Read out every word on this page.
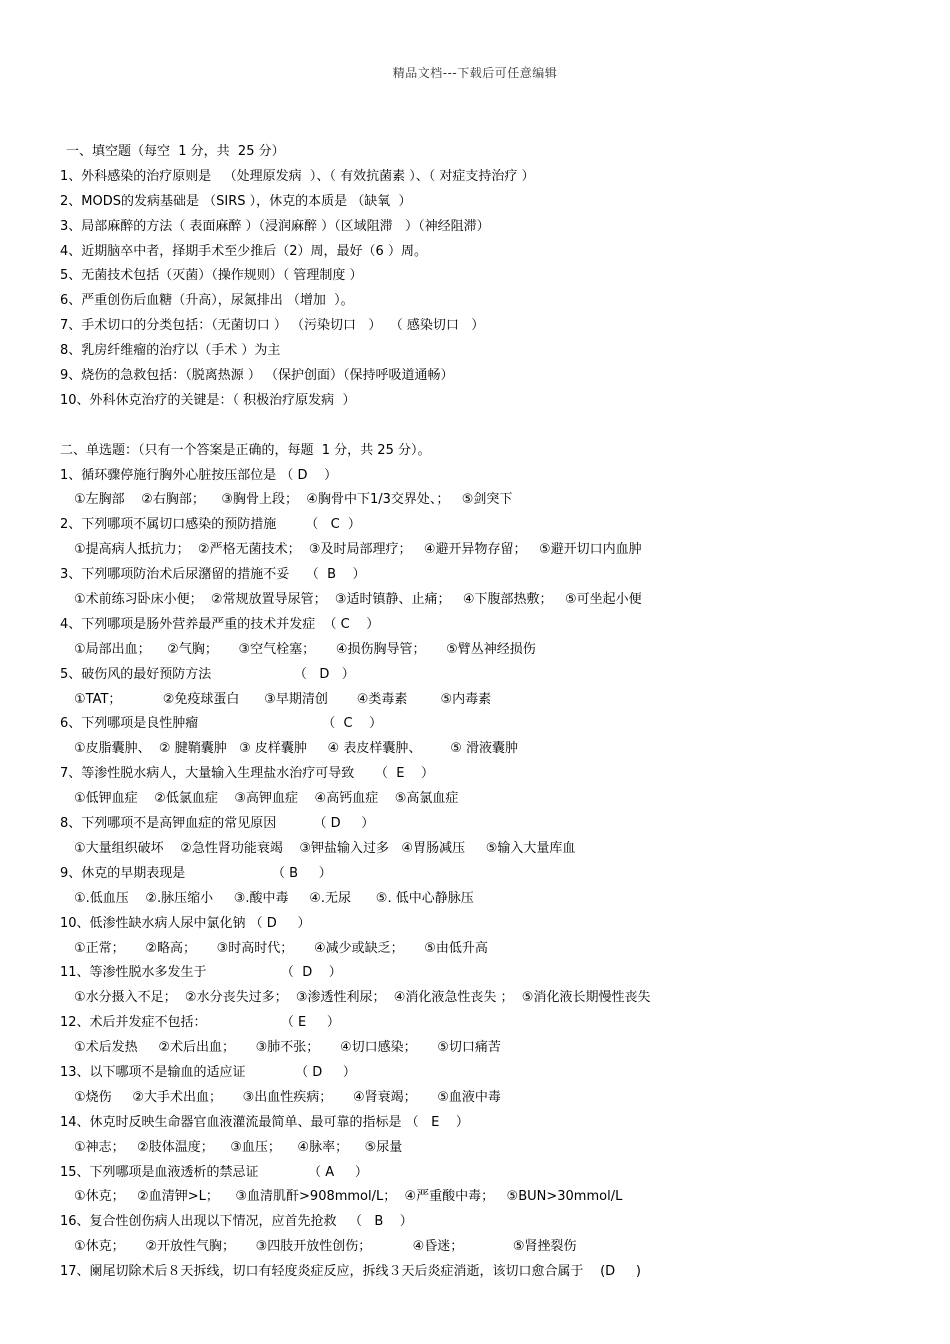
精品文档---下载后可任意编辑
一、填空题（每空  1 分，共  25 分）
1、外科感染的治疗原则是   （处理原发病  ）、（ 有效抗菌素 ）、（ 对症支持治疗 ）
2、MODS的发病基础是 （SIRS ），休克的本质是 （缺氧  ）
3、局部麻醉的方法（ 表面麻醉 ）（浸润麻醉 ）（区域阻滞   ）（神经阻滞）
4、近期脑卒中者，择期手术至少推后（2）周，最好（6 ）周。
5、无菌技术包括（灭菌）（操作规则）（ 管理制度 ）
6、严重创伤后血糖（升高），尿氮排出 （增加  ）。
7、手术切口的分类包括：（无菌切口 ） （污染切口   ）  （ 感染切口   ）
8、乳房纤维瘤的治疗以（手术 ）为主
9、烧伤的急救包括：（脱离热源 ） （保护创面）（保持呼吸道通畅）
10、外科休克治疗的关键是：（ 积极治疗原发病  ）
二、单选题：（只有一个答案是正确的，每题  1 分，共 25 分）。
1、循环骤停施行胸外心脏按压部位是 （ D    ）
①左胸部    ②右胸部；    ③胸骨上段；  ④胸骨中下1/3交界处、；   ⑤剑突下
2、下列哪项不属切口感染的预防措施       （   C  ）
①提高病人抵抗力；  ②严格无菌技术；  ③及时局部理疗；   ④避开异物存留；   ⑤避开切口内血肿
3、下列哪项防治术后尿潴留的措施不妥    （  B    ）
①术前练习卧床小便；  ②常规放置导尿管；  ③适时镇静、止痛；   ④下腹部热敷；   ⑤可坐起小便
4、下列哪项是肠外营养最严重的技术并发症  （ C    ）
①局部出血；    ②气胸；     ③空气栓塞；     ④损伤胸导管；     ⑤臂丛神经损伤
5、破伤风的最好预防方法                    （   D   ）
①TAT；          ②免疫球蛋白      ③早期清创       ④类毒素        ⑤内毒素
6、下列哪项是良性肿瘤                              （  C    ）
①皮脂囊肿、  ② 腱鞘囊肿   ③ 皮样囊肿     ④ 表皮样囊肿、       ⑤ 滑液囊肿
7、等渗性脱水病人，大量输入生理盐水治疗可导致     （  E    ）
①低钾血症    ②低氯血症    ③高钾血症    ④高钙血症    ⑤高氯血症
8、下列哪项不是高钾血症的常见原因         （ D     ）
①大量组织破坏    ②急性肾功能衰竭    ③钾盐输入过多   ④胃肠减压     ⑤输入大量库血
9、休克的早期表现是                     （ B     ）
①.低血压    ②.脉压缩小     ③.酸中毒     ④.无尿      ⑤. 低中心静脉压
10、低渗性缺水病人尿中氯化钠 （ D     ）
①正常；     ②略高；     ③时高时代；     ④减少或缺乏；     ⑤由低升高
11、等渗性脱水多发生于                  （  D    ）
①水分摄入不足；  ②水分丧失过多；  ③渗透性利尿；  ④消化液急性丧失 ；  ⑤消化液长期慢性丧失
12、术后并发症不包括：                  （ E     ）
①术后发热     ②术后出血；     ③肺不张；     ④切口感染；     ⑤切口痛苦
13、以下哪项不是输血的适应证            （ D     ）
①烧伤     ②大手术出血；     ③出血性疾病；     ④肾衰竭；     ⑤血液中毒
14、休克时反映生命器官血液灌流最简单、最可靠的指标是 （   E    ）
①神志；   ②肢体温度；    ③血压；    ④脉率；    ⑤尿量
15、下列哪项是血液透析的禁忌证            （ A     ）
①休克；   ②血清钾>L；    ③血清肌酐>908mmol/L；  ④严重酸中毒；   ⑤BUN>30mmol/L
16、复合性创伤病人出现以下情况，应首先抢救   （   B    ）
①休克；     ②开放性气胸；     ③四肢开放性创伤；          ④昏迷；            ⑤肾挫裂伤
17、阑尾切除术后８天拆线，切口有轻度炎症反应，拆线３天后炎症消逝，该切口愈合属于    (D     )
